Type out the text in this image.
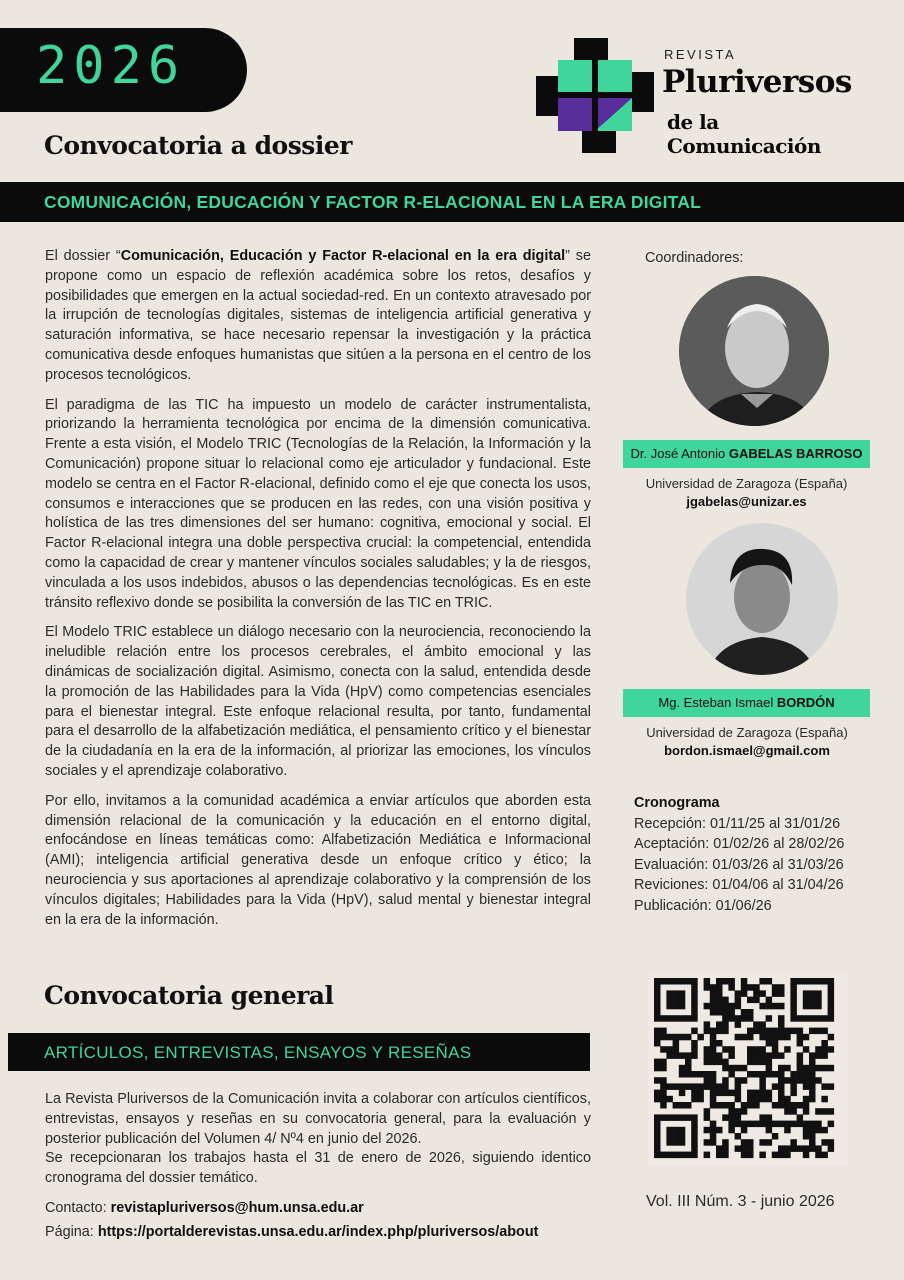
2026	REVISTA
Pluriversos
de la Comunicación
Convocatoria a dossier
COMUNICACIÓN, EDUCACIÓN Y FACTOR R-ELACIONAL EN LA ERA DIGITAL

El dossier “Comunicación, Educación y Factor R-elacional en la era digital” se propone como un espacio de reflexión académica sobre los retos, desafíos y posibilidades que emergen en la actual sociedad-red. En un contexto atravesado por la irrupción de tecnologías digitales, sistemas de inteligencia artificial generativa y saturación informativa, se hace necesario repensar la investigación y la práctica comunicativa desde enfoques humanistas que sitúen a la persona en el centro de los procesos tecnológicos.

El paradigma de las TIC ha impuesto un modelo de carácter instrumentalista, priorizando la herramienta tecnológica por encima de la dimensión comunicativa. Frente a esta visión, el Modelo TRIC (Tecnologías de la Relación, la Información y la Comunicación) propone situar lo relacional como eje articulador y fundacional. Este modelo se centra en el Factor R-elacional, definido como el eje que conecta los usos, consumos e interacciones que se producen en las redes, con una visión positiva y holística de las tres dimensiones del ser humano: cognitiva, emocional y social. El Factor R-elacional integra una doble perspectiva crucial: la competencial, entendida como la capacidad de crear y mantener vínculos sociales saludables; y la de riesgos, vinculada a los usos indebidos, abusos o las dependencias tecnológicas. Es en este tránsito reflexivo donde se posibilita la conversión de las TIC en TRIC.

El Modelo TRIC establece un diálogo necesario con la neurociencia, reconociendo la ineludible relación entre los procesos cerebrales, el ámbito emocional y las dinámicas de socialización digital. Asimismo, conecta con la salud, entendida desde la promoción de las Habilidades para la Vida (HpV) como competencias esenciales para el bienestar integral. Este enfoque relacional resulta, por tanto, fundamental para el desarrollo de la alfabetización mediática, el pensamiento crítico y el bienestar de la ciudadanía en la era de la información, al priorizar las emociones, los vínculos sociales y el aprendizaje colaborativo.

Por ello, invitamos a la comunidad académica a enviar artículos que aborden esta dimensión relacional de la comunicación y la educación en el entorno digital, enfocándose en líneas temáticas como: Alfabetización Mediática e Informacional (AMI); inteligencia artificial generativa desde un enfoque crítico y ético; la neurociencia y sus aportaciones al aprendizaje colaborativo y la comprensión de los vínculos digitales; Habilidades para la Vida (HpV), salud mental y bienestar integral en la era de la información.

Coordinadores:
Dr. José Antonio GABELAS BARROSO
Universidad de Zaragoza (España)
jgabelas@unizar.es
Mg. Esteban Ismael BORDÓN
Universidad de Zaragoza (España)
bordon.ismael@gmail.com
Cronograma
Recepción: 01/11/25 al 31/01/26
Aceptación: 01/02/26 al 28/02/26
Evaluación: 01/03/26 al 31/03/26
Reviciones: 01/04/06 al 31/04/26
Publicación: 01/06/26
Convocatoria general
ARTÍCULOS, ENTREVISTAS, ENSAYOS Y RESEÑAS
La Revista Pluriversos de la Comunicación invita a colaborar con artículos científicos, entrevistas, ensayos y reseñas en su convocatoria general, para la evaluación y posterior publicación del Volumen 4/ Nº4 en junio del 2026.
Se recepcionaran los trabajos hasta el 31 de enero de 2026, siguiendo identico cronograma del dossier temático.
Contacto: revistapluriversos@hum.unsa.edu.ar
Página: https://portalderevistas.unsa.edu.ar/index.php/pluriversos/about
Vol. III Núm. 3 - junio 2026
